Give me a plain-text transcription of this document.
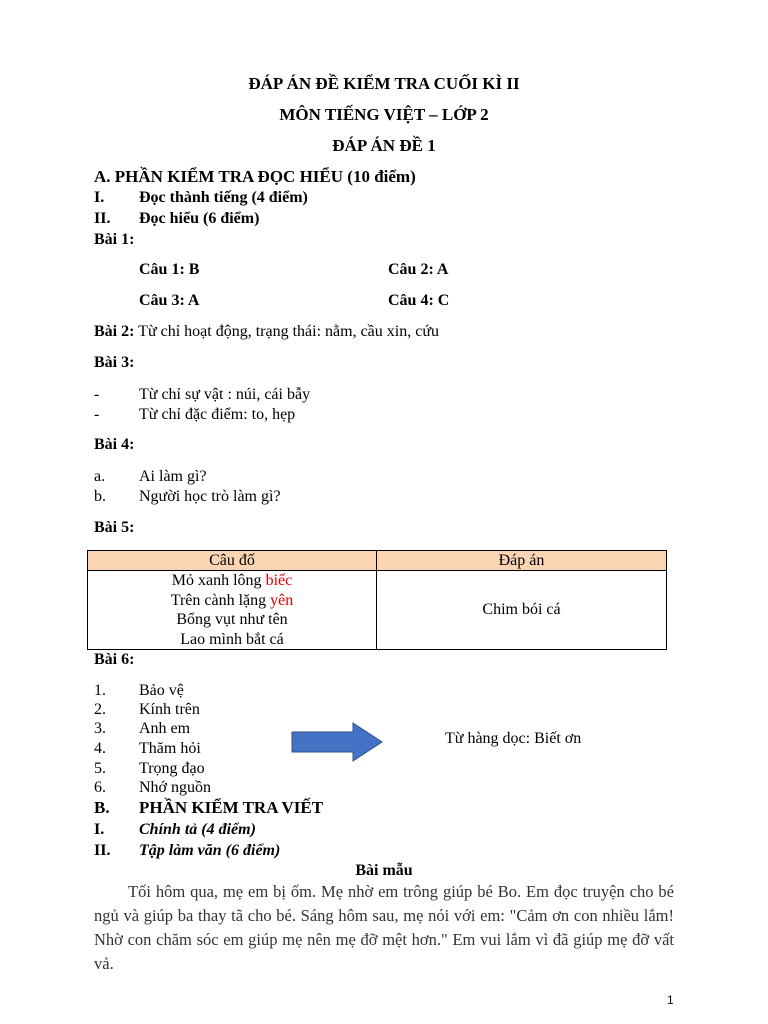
ĐÁP ÁN ĐỀ KIỂM TRA CUỐI KÌ II
MÔN TIẾNG VIỆT – LỚP 2
ĐÁP ÁN ĐỀ 1
A. PHẦN KIỂM TRA ĐỌC HIỂU (10 điểm)
I. Đọc thành tiếng (4 điểm)
II. Đọc hiểu (6 điểm)
Bài 1:
Câu 1: B	Câu 2: A
Câu 3: A	Câu 4: C
Bài 2: Từ chỉ hoạt động, trạng thái: nằm, cầu xin, cứu
Bài 3:
- Từ chỉ sự vật : núi, cái bẫy
- Từ chỉ đặc điểm: to, hẹp
Bài 4:
a. Ai làm gì?
b. Người học trò làm gì?
Bài 5:
Câu đố	Đáp án

Mỏ xanh lông biếc
Trên cành lặng yên
Bổng vụt như tên
Lao mình bắt cá	Chim bói cá
Bài 6:
1. Bảo vệ
2. Kính trên
3. Anh em
4. Thăm hỏi
5. Trọng đạo
6. Nhớ nguồn
Từ hàng dọc: Biết ơn
B. PHẦN KIỂM TRA VIẾT
I. Chính tả (4 điểm)
II. Tập làm văn (6 điểm)
Bài mẫu
Tối hôm qua, mẹ em bị ốm. Mẹ nhờ em trông giúp bé Bo. Em đọc truyện cho bé ngủ và giúp ba thay tã cho bé. Sáng hôm sau, mẹ nói với em: "Cảm ơn con nhiều lắm! Nhờ con chăm sóc em giúp mẹ nên mẹ đỡ mệt hơn." Em vui lắm vì đã giúp mẹ đỡ vất vả.
1
